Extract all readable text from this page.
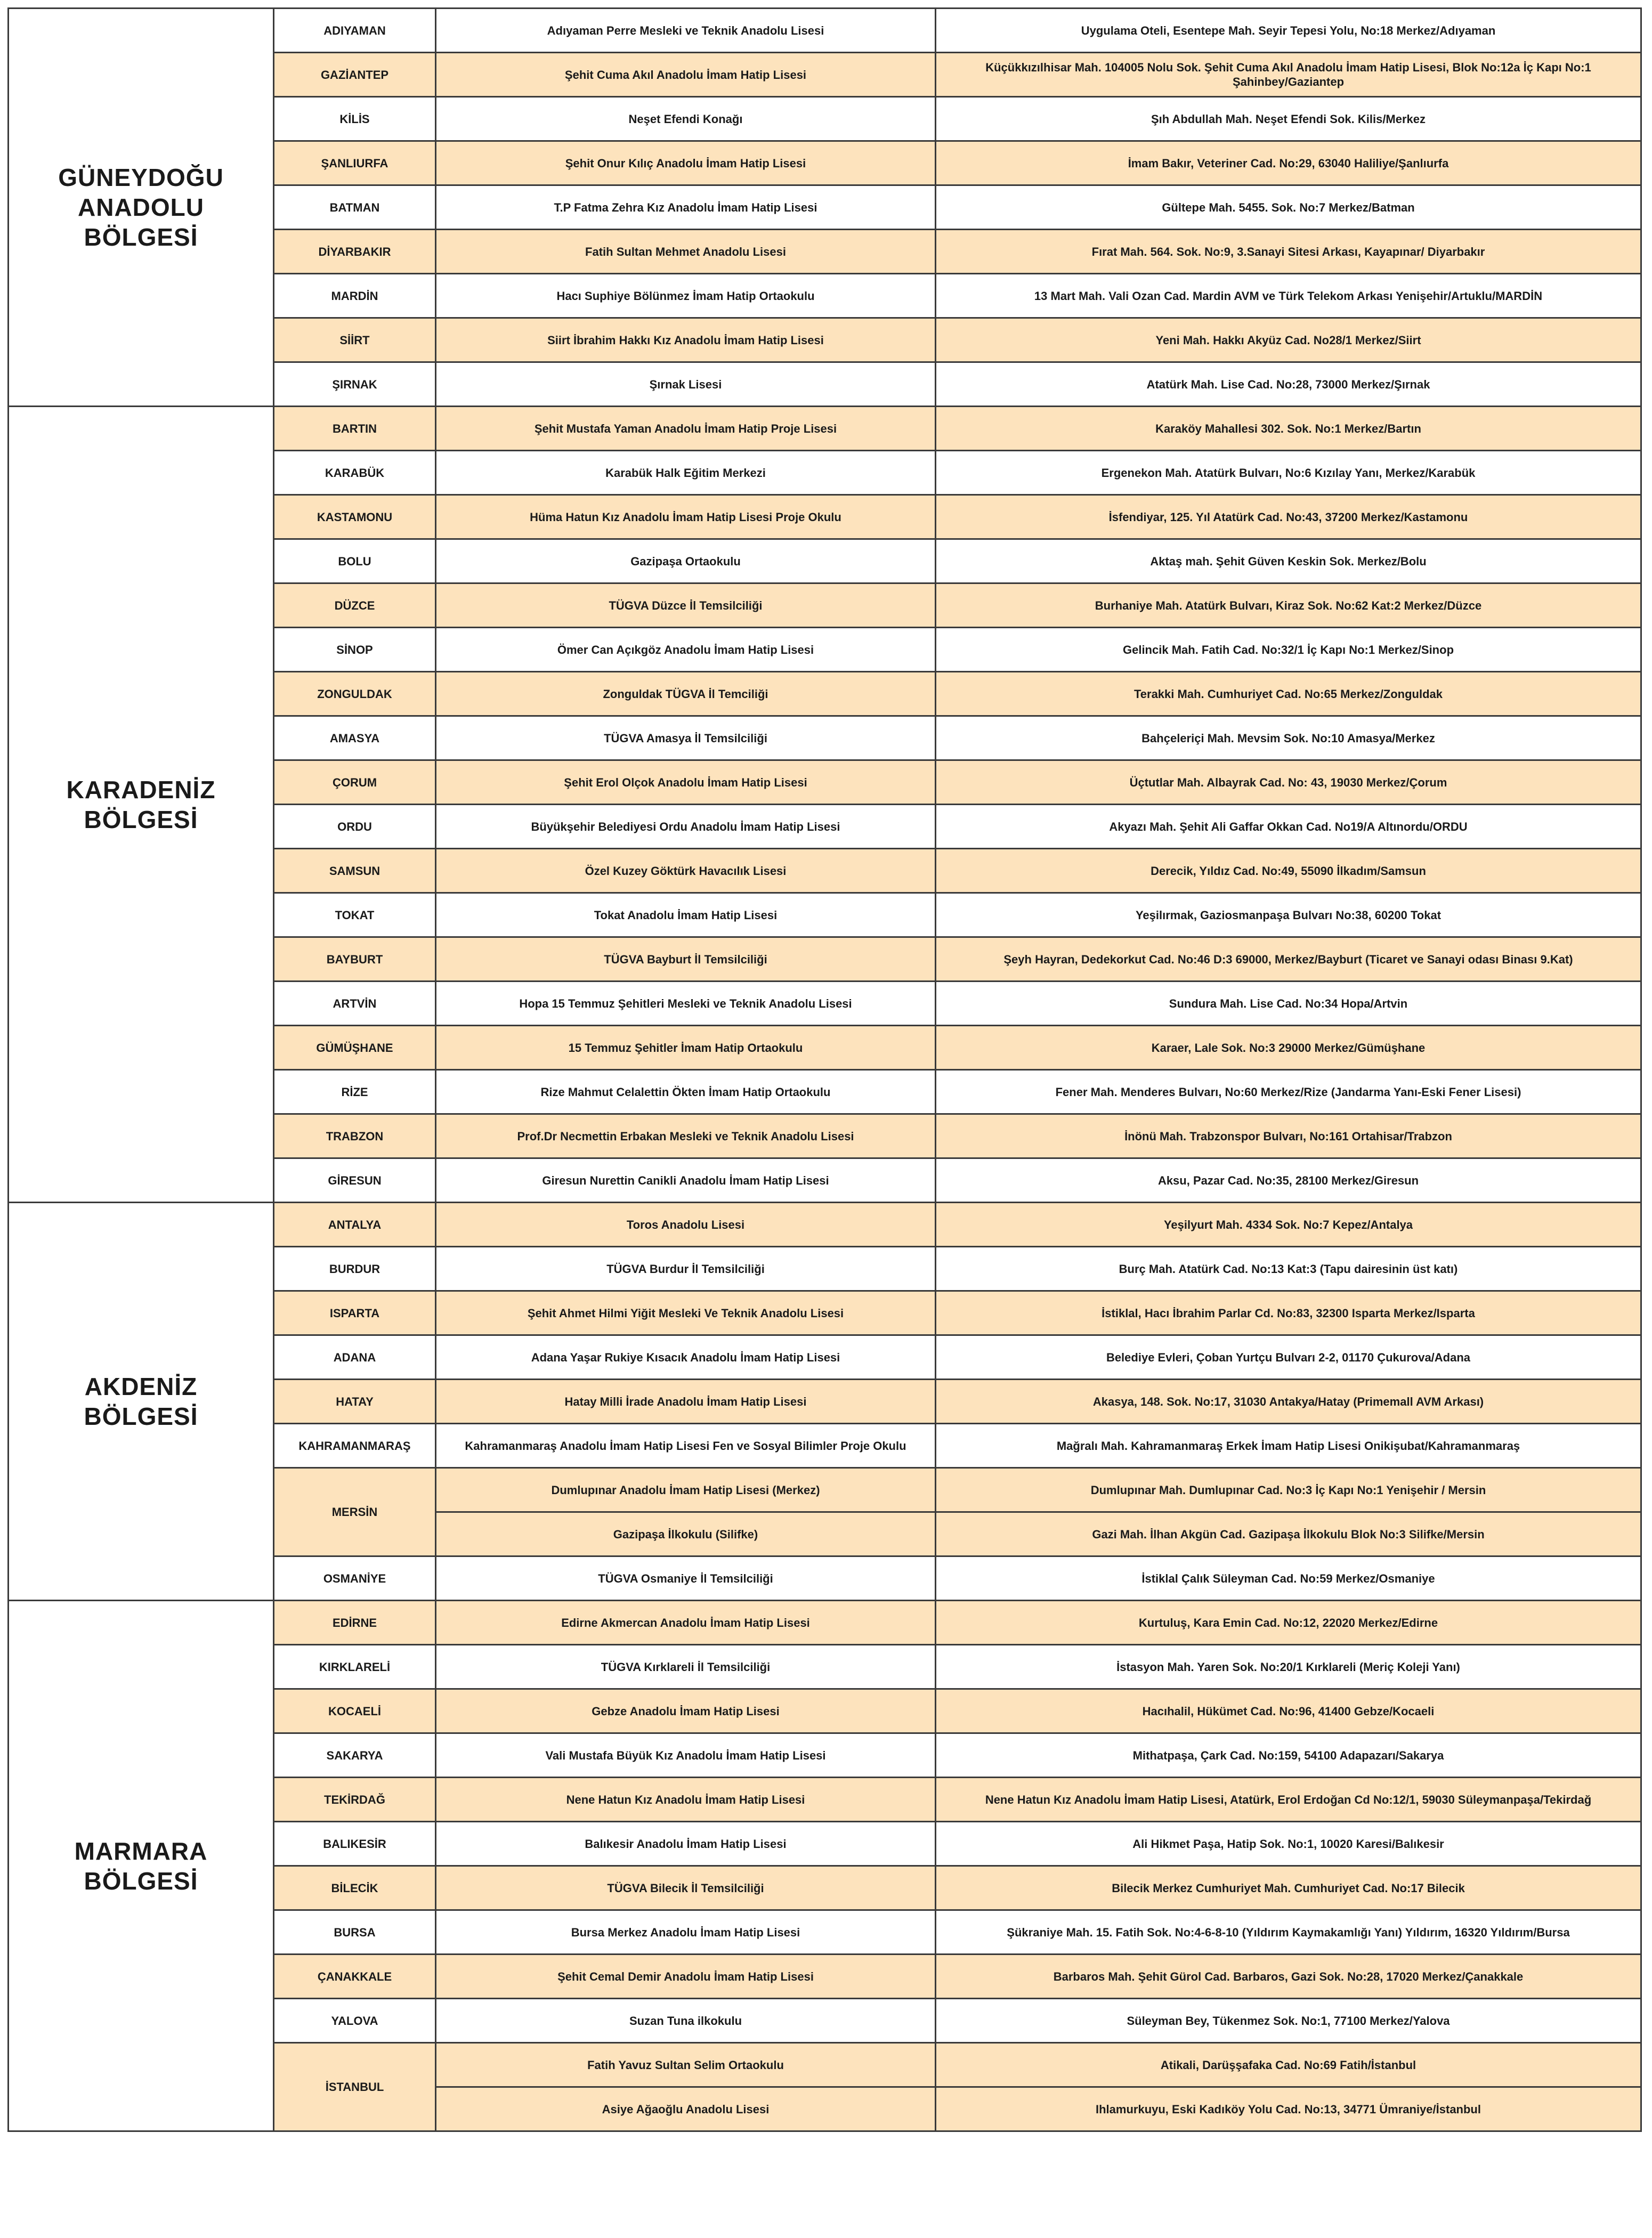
GÜNEYDOĞU
ANADOLU
BÖLGESİ	ADIYAMAN	Adıyaman Perre Mesleki ve Teknik Anadolu Lisesi	Uygulama Oteli, Esentepe Mah. Seyir Tepesi Yolu, No:18 Merkez/Adıyaman
	GAZİANTEP	Şehit Cuma Akıl Anadolu İmam Hatip Lisesi	Küçükkızılhisar Mah. 104005 Nolu Sok. Şehit Cuma Akıl Anadolu İmam Hatip Lisesi, Blok No:12a İç Kapı No:1 Şahinbey/Gaziantep
	KİLİS	Neşet Efendi Konağı	Şıh Abdullah Mah. Neşet Efendi Sok. Kilis/Merkez
	ŞANLIURFA	Şehit Onur Kılıç Anadolu İmam Hatip Lisesi	İmam Bakır, Veteriner Cad. No:29, 63040 Haliliye/Şanlıurfa
	BATMAN	T.P Fatma Zehra Kız Anadolu İmam Hatip Lisesi	Gültepe Mah. 5455. Sok. No:7 Merkez/Batman
	DİYARBAKIR	Fatih Sultan Mehmet Anadolu Lisesi	Fırat Mah. 564. Sok. No:9, 3.Sanayi Sitesi Arkası, Kayapınar/ Diyarbakır
	MARDİN	Hacı Suphiye Bölünmez İmam Hatip Ortaokulu	13 Mart Mah. Vali Ozan Cad. Mardin AVM ve Türk Telekom Arkası Yenişehir/Artuklu/MARDİN
	SİİRT	Siirt İbrahim Hakkı Kız Anadolu İmam Hatip Lisesi	Yeni Mah. Hakkı Akyüz Cad. No28/1 Merkez/Siirt
	ŞIRNAK	Şırnak Lisesi	Atatürk Mah. Lise Cad. No:28, 73000 Merkez/Şırnak
KARADENİZ
BÖLGESİ	BARTIN	Şehit Mustafa Yaman Anadolu İmam Hatip Proje Lisesi	Karaköy Mahallesi 302. Sok. No:1 Merkez/Bartın
	KARABÜK	Karabük Halk Eğitim Merkezi	Ergenekon Mah. Atatürk Bulvarı, No:6 Kızılay Yanı, Merkez/Karabük
	KASTAMONU	Hüma Hatun Kız Anadolu İmam Hatip Lisesi Proje Okulu	İsfendiyar, 125. Yıl Atatürk Cad. No:43, 37200 Merkez/Kastamonu
	BOLU	Gazipaşa Ortaokulu	Aktaş mah. Şehit Güven Keskin Sok. Merkez/Bolu
	DÜZCE	TÜGVA Düzce İl Temsilciliği	Burhaniye Mah. Atatürk Bulvarı, Kiraz Sok. No:62 Kat:2 Merkez/Düzce
	SİNOP	Ömer Can Açıkgöz Anadolu İmam Hatip Lisesi	Gelincik Mah. Fatih Cad. No:32/1 İç Kapı No:1 Merkez/Sinop
	ZONGULDAK	Zonguldak TÜGVA İl Temciliği	Terakki Mah. Cumhuriyet Cad. No:65 Merkez/Zonguldak
	AMASYA	TÜGVA Amasya İl Temsilciliği	Bahçeleriçi Mah. Mevsim Sok. No:10 Amasya/Merkez
	ÇORUM	Şehit Erol Olçok Anadolu İmam Hatip Lisesi	Üçtutlar Mah. Albayrak Cad. No: 43, 19030 Merkez/Çorum
	ORDU	Büyükşehir Belediyesi Ordu Anadolu İmam Hatip Lisesi	Akyazı Mah. Şehit Ali Gaffar Okkan Cad. No19/A Altınordu/ORDU
	SAMSUN	Özel Kuzey Göktürk Havacılık Lisesi	Derecik, Yıldız Cad. No:49, 55090 İlkadım/Samsun
	TOKAT	Tokat Anadolu İmam Hatip Lisesi	Yeşilırmak, Gaziosmanpaşa Bulvarı No:38, 60200 Tokat
	BAYBURT	TÜGVA Bayburt İl Temsilciliği	Şeyh Hayran, Dedekorkut Cad. No:46 D:3 69000, Merkez/Bayburt (Ticaret ve Sanayi odası Binası 9.Kat)
	ARTVİN	Hopa 15 Temmuz Şehitleri Mesleki ve Teknik Anadolu Lisesi	Sundura Mah. Lise Cad. No:34 Hopa/Artvin
	GÜMÜŞHANE	15 Temmuz Şehitler İmam Hatip Ortaokulu	Karaer, Lale Sok. No:3 29000 Merkez/Gümüşhane
	RİZE	Rize Mahmut Celalettin Ökten İmam Hatip Ortaokulu	Fener Mah. Menderes Bulvarı, No:60 Merkez/Rize (Jandarma Yanı-Eski Fener Lisesi)
	TRABZON	Prof.Dr Necmettin Erbakan Mesleki ve Teknik Anadolu Lisesi	İnönü Mah. Trabzonspor Bulvarı, No:161 Ortahisar/Trabzon
	GİRESUN	Giresun Nurettin Canikli Anadolu İmam Hatip Lisesi	Aksu, Pazar Cad. No:35, 28100 Merkez/Giresun
AKDENİZ
BÖLGESİ	ANTALYA	Toros Anadolu Lisesi	Yeşilyurt Mah. 4334 Sok. No:7 Kepez/Antalya
	BURDUR	TÜGVA Burdur İl Temsilciliği	Burç Mah. Atatürk Cad. No:13 Kat:3 (Tapu dairesinin üst katı)
	ISPARTA	Şehit Ahmet Hilmi Yiğit Mesleki Ve Teknik Anadolu Lisesi	İstiklal, Hacı İbrahim Parlar Cd. No:83, 32300 Isparta Merkez/Isparta
	ADANA	Adana Yaşar Rukiye Kısacık Anadolu İmam Hatip Lisesi	Belediye Evleri, Çoban Yurtçu Bulvarı 2-2, 01170 Çukurova/Adana
	HATAY	Hatay Milli İrade Anadolu İmam Hatip Lisesi	Akasya, 148. Sok. No:17, 31030 Antakya/Hatay (Primemall AVM Arkası)
	KAHRAMANMARAŞ	Kahramanmaraş Anadolu İmam Hatip Lisesi Fen ve Sosyal Bilimler Proje Okulu	Mağralı Mah. Kahramanmaraş Erkek İmam Hatip Lisesi Onikişubat/Kahramanmaraş
	MERSİN	Dumlupınar Anadolu İmam Hatip Lisesi (Merkez)	Dumlupınar Mah. Dumlupınar Cad. No:3 İç Kapı No:1 Yenişehir / Mersin
		Gazipaşa İlkokulu (Silifke)	Gazi Mah. İlhan Akgün Cad. Gazipaşa İlkokulu Blok No:3 Silifke/Mersin
	OSMANİYE	TÜGVA Osmaniye İl Temsilciliği	İstiklal Çalık Süleyman Cad. No:59 Merkez/Osmaniye
MARMARA
BÖLGESİ	EDİRNE	Edirne Akmercan Anadolu İmam Hatip Lisesi	Kurtuluş, Kara Emin Cad. No:12, 22020 Merkez/Edirne
	KIRKLARELİ	TÜGVA Kırklareli İl Temsilciliği	İstasyon Mah. Yaren Sok. No:20/1 Kırklareli (Meriç Koleji Yanı)
	KOCAELİ	Gebze Anadolu İmam Hatip Lisesi	Hacıhalil, Hükümet Cad. No:96, 41400 Gebze/Kocaeli
	SAKARYA	Vali Mustafa Büyük Kız Anadolu İmam Hatip Lisesi	Mithatpaşa, Çark Cad. No:159, 54100 Adapazarı/Sakarya
	TEKİRDAĞ	Nene Hatun Kız Anadolu İmam Hatip Lisesi	Nene Hatun Kız Anadolu İmam Hatip Lisesi, Atatürk, Erol Erdoğan Cd No:12/1, 59030 Süleymanpaşa/Tekirdağ
	BALIKESİR	Balıkesir Anadolu İmam Hatip Lisesi	Ali Hikmet Paşa, Hatip Sok. No:1, 10020 Karesi/Balıkesir
	BİLECİK	TÜGVA Bilecik İl Temsilciliği	Bilecik Merkez Cumhuriyet Mah. Cumhuriyet Cad. No:17 Bilecik
	BURSA	Bursa Merkez Anadolu İmam Hatip Lisesi	Şükraniye Mah. 15. Fatih Sok. No:4-6-8-10 (Yıldırım Kaymakamlığı Yanı) Yıldırım, 16320 Yıldırım/Bursa
	ÇANAKKALE	Şehit Cemal Demir Anadolu İmam Hatip Lisesi	Barbaros Mah. Şehit Gürol Cad. Barbaros, Gazi Sok. No:28, 17020 Merkez/Çanakkale
	YALOVA	Suzan Tuna ilkokulu	Süleyman Bey, Tükenmez Sok. No:1, 77100 Merkez/Yalova
	İSTANBUL	Fatih Yavuz Sultan Selim Ortaokulu	Atikali, Darüşşafaka Cad. No:69 Fatih/İstanbul
		Asiye Ağaoğlu Anadolu Lisesi	Ihlamurkuyu, Eski Kadıköy Yolu Cad. No:13, 34771 Ümraniye/İstanbul
